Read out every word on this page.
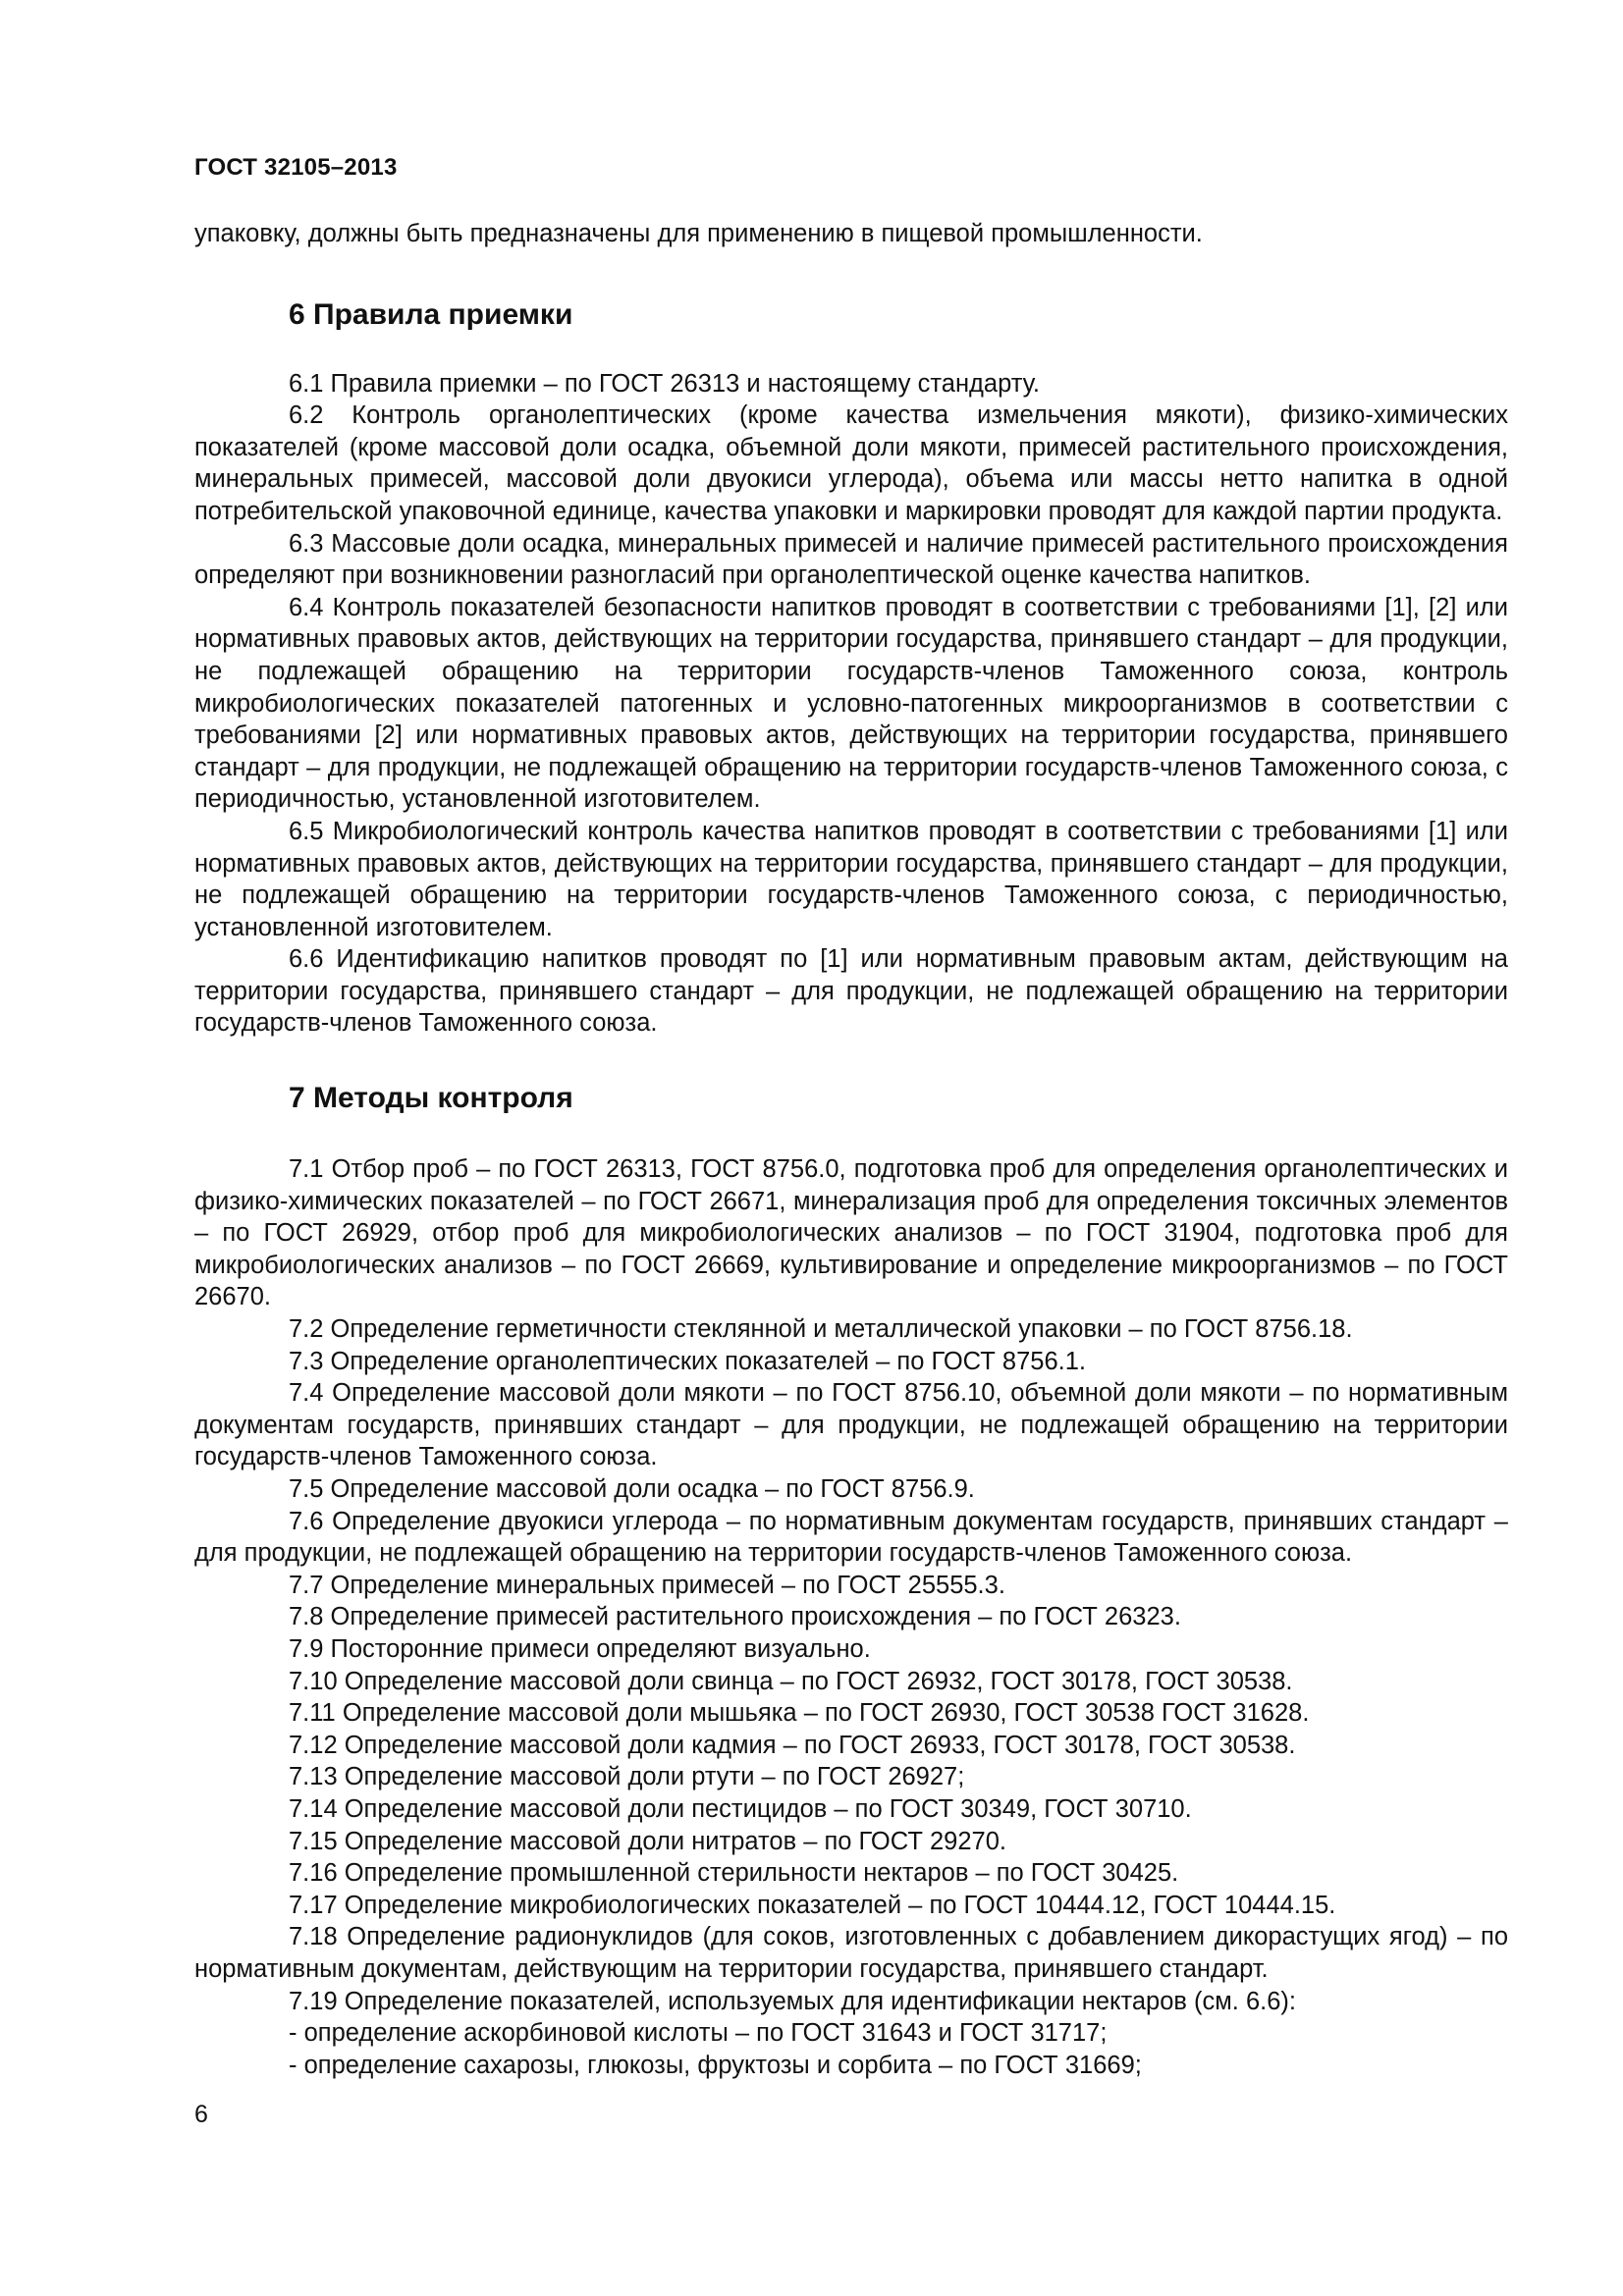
ГОСТ 32105–2013

упаковку, должны быть предназначены для применению в пищевой промышленности.

6 Правила приемки

6.1 Правила приемки – по ГОСТ 26313 и настоящему стандарту.

6.2 Контроль органолептических (кроме качества измельчения мякоти), физико-химических показателей (кроме массовой доли осадка, объемной доли мякоти, примесей растительного происхождения, минеральных примесей, массовой доли двуокиси углерода), объема или массы нетто напитка в одной потребительской упаковочной единице, качества упаковки и маркировки проводят для каждой партии продукта.

6.3 Массовые доли осадка, минеральных примесей и наличие примесей растительного происхождения определяют при возникновении разногласий при органолептической оценке качества напитков.

6.4 Контроль показателей безопасности напитков проводят в соответствии с требованиями [1], [2] или нормативных правовых актов, действующих на территории государства, принявшего стандарт – для продукции, не подлежащей обращению на территории государств-членов Таможенного союза, контроль микробиологических показателей патогенных и условно-патогенных микроорганизмов в соответствии с требованиями [2] или нормативных правовых актов, действующих на территории государства, принявшего стандарт – для продукции, не подлежащей обращению на территории государств-членов Таможенного союза, с периодичностью, установленной изготовителем.

6.5 Микробиологический контроль качества напитков проводят в соответствии с требованиями [1] или нормативных правовых актов, действующих на территории государства, принявшего стандарт – для продукции, не подлежащей обращению на территории государств-членов Таможенного союза, с периодичностью, установленной изготовителем.

6.6 Идентификацию напитков проводят по [1] или нормативным правовым актам, действующим на территории государства, принявшего стандарт – для продукции, не подлежащей обращению на территории государств-членов Таможенного союза.

7 Методы контроля

7.1 Отбор проб – по ГОСТ 26313, ГОСТ 8756.0, подготовка проб для определения органолептических и физико-химических показателей – по ГОСТ 26671, минерализация проб для определения токсичных элементов – по ГОСТ 26929, отбор проб для микробиологических анализов – по ГОСТ 31904, подготовка проб для микробиологических анализов – по ГОСТ 26669, культивирование и определение микроорганизмов – по ГОСТ 26670.

7.2 Определение герметичности стеклянной и металлической упаковки – по ГОСТ 8756.18.

7.3 Определение органолептических показателей – по ГОСТ 8756.1.

7.4 Определение массовой доли мякоти – по ГОСТ 8756.10, объемной доли мякоти – по нормативным документам государств, принявших стандарт – для продукции, не подлежащей обращению на территории государств-членов Таможенного союза.

7.5 Определение массовой доли осадка – по ГОСТ 8756.9.

7.6 Определение двуокиси углерода – по нормативным документам государств, принявших стандарт – для продукции, не подлежащей обращению на территории государств-членов Таможенного союза.

7.7 Определение минеральных примесей – по ГОСТ 25555.3.

7.8 Определение примесей растительного происхождения – по ГОСТ 26323.

7.9 Посторонние примеси определяют визуально.

7.10 Определение массовой доли свинца – по ГОСТ 26932, ГОСТ 30178, ГОСТ 30538.

7.11 Определение массовой доли мышьяка – по ГОСТ 26930, ГОСТ 30538 ГОСТ 31628.

7.12 Определение массовой доли кадмия – по ГОСТ 26933, ГОСТ 30178, ГОСТ 30538.

7.13 Определение массовой доли ртути – по ГОСТ 26927;

7.14 Определение массовой доли пестицидов – по ГОСТ 30349, ГОСТ 30710.

7.15 Определение массовой доли нитратов – по ГОСТ 29270.

7.16 Определение промышленной стерильности нектаров – по ГОСТ 30425.

7.17 Определение микробиологических показателей – по ГОСТ 10444.12, ГОСТ 10444.15.

7.18 Определение радионуклидов (для соков, изготовленных с добавлением дикорастущих ягод) – по нормативным документам, действующим на территории государства, принявшего стандарт.

7.19 Определение показателей, используемых для идентификации нектаров (см. 6.6):

- определение аскорбиновой кислоты – по ГОСТ 31643 и ГОСТ 31717;

- определение сахарозы, глюкозы, фруктозы и сорбита – по ГОСТ 31669;

6
